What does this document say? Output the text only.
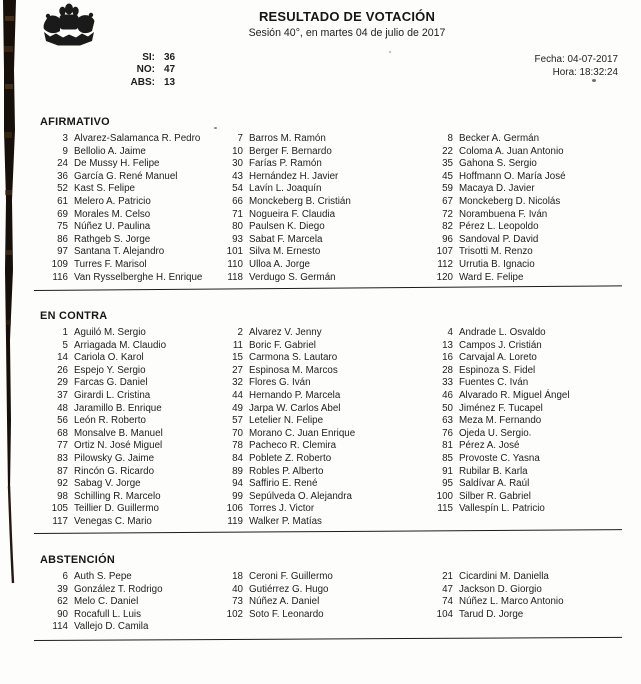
RESULTADO DE VOTACIÓN
Sesión 40°, en martes 04 de julio de 2017
SI: 36
NO: 47
ABS: 13
Fecha: 04-07-2017
Hora: 18:32:24
AFIRMATIVO
3 Alvarez-Salamanca R. Pedro	7 Barros M. Ramón	8 Becker A. Germán
9 Bellolio A. Jaime	10 Berger F. Bernardo	22 Coloma A. Juan Antonio
24 De Mussy H. Felipe	30 Farías P. Ramón	35 Gahona S. Sergio
36 García G. René Manuel	43 Hernández H. Javier	45 Hoffmann O. María José
52 Kast S. Felipe	54 Lavín L. Joaquín	59 Macaya D. Javier
61 Melero A. Patricio	66 Monckeberg B. Cristián	67 Monckeberg D. Nicolás
69 Morales M. Celso	71 Nogueira F. Claudia	72 Norambuena F. Iván
75 Núñez U. Paulina	80 Paulsen K. Diego	82 Pérez L. Leopoldo
86 Rathgeb S. Jorge	93 Sabat F. Marcela	96 Sandoval P. David
97 Santana T. Alejandro	101 Silva M. Ernesto	107 Trisotti M. Renzo
109 Turres F. Marisol	110 Ulloa A. Jorge	112 Urrutia B. Ignacio
116 Van Rysselberghe H. Enrique	118 Verdugo S. Germán	120 Ward E. Felipe
EN CONTRA
1 Aguiló M. Sergio	2 Alvarez V. Jenny	4 Andrade L. Osvaldo
5 Arriagada M. Claudio	11 Boric F. Gabriel	13 Campos J. Cristián
14 Cariola O. Karol	15 Carmona S. Lautaro	16 Carvajal A. Loreto
26 Espejo Y. Sergio	27 Espinosa M. Marcos	28 Espinoza S. Fidel
29 Farcas G. Daniel	32 Flores G. Iván	33 Fuentes C. Iván
37 Girardi L. Cristina	44 Hernando P. Marcela	46 Alvarado R. Miguel Ángel
48 Jaramillo B. Enrique	49 Jarpa W. Carlos Abel	50 Jiménez F. Tucapel
56 León R. Roberto	57 Letelier N. Felipe	63 Meza M. Fernando
68 Monsalve B. Manuel	70 Morano C. Juan Enrique	76 Ojeda U. Sergio
77 Ortiz N. José Miguel	78 Pacheco R. Clemira	81 Pérez A. José
83 Pilowsky G. Jaime	84 Poblete Z. Roberto	85 Provoste C. Yasna
87 Rincón G. Ricardo	89 Robles P. Alberto	91 Rubilar B. Karla
92 Sabag V. Jorge	94 Saffirio E. René	95 Saldívar A. Raúl
98 Schilling R. Marcelo	99 Sepúlveda O. Alejandra	100 Silber R. Gabriel
105 Teillier D. Guillermo	106 Torres J. Victor	115 Vallespín L. Patricio
117 Venegas C. Mario	119 Walker P. Matías
ABSTENCIÓN
6 Auth S. Pepe	18 Ceroni F. Guillermo	21 Cicardini M. Daniella
39 González T. Rodrigo	40 Gutiérrez G. Hugo	47 Jackson D. Giorgio
62 Melo C. Daniel	73 Núñez A. Daniel	74 Núñez L. Marco Antonio
90 Rocafull L. Luis	102 Soto F. Leonardo	104 Tarud D. Jorge
114 Vallejo D. Camila
